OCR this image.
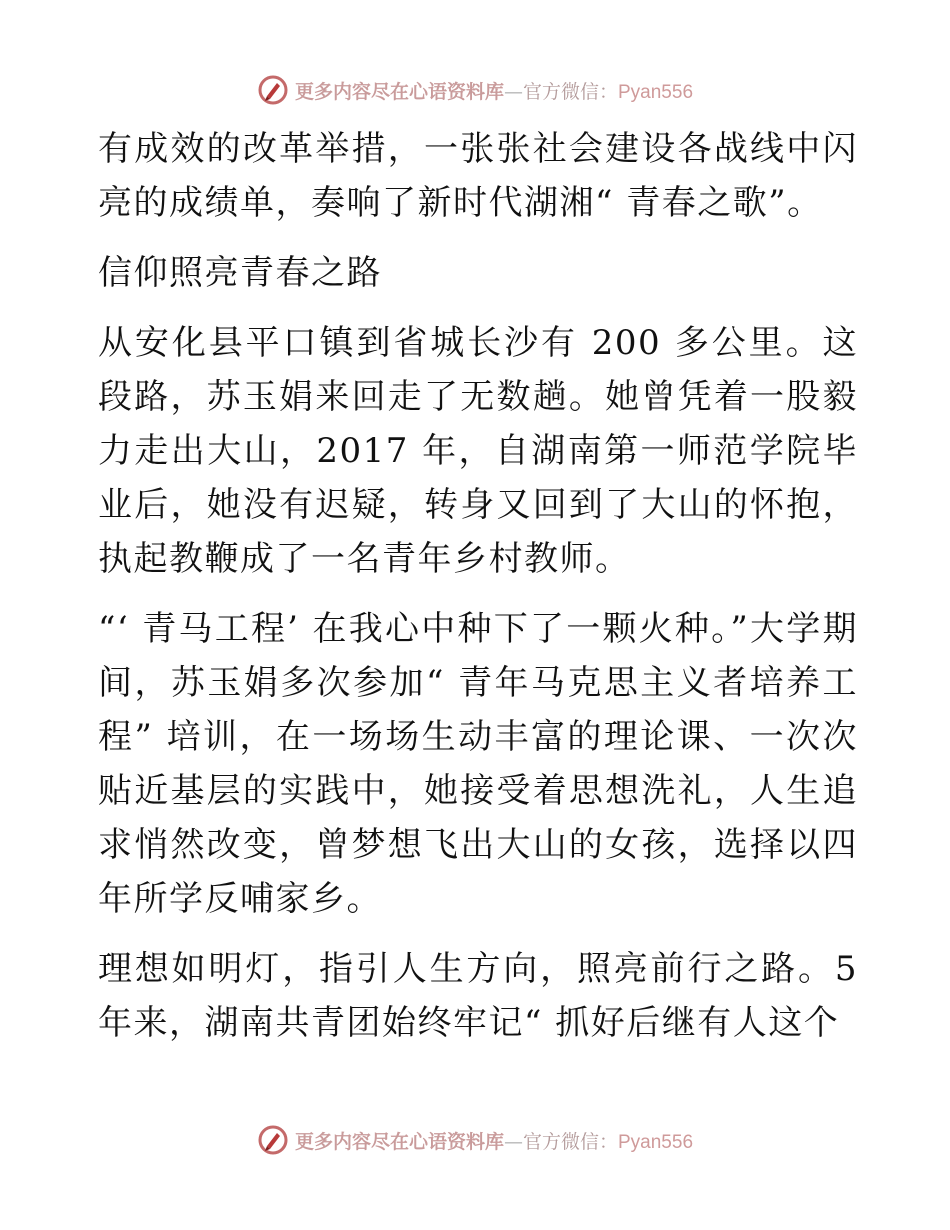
更多内容尽在心语资料库—官方微信：Pyan556

有成效的改革举措，一张张社会建设各战线中闪亮的成绩单，奏响了新时代湖湘“ 青春之歌”。

信仰照亮青春之路

从安化县平口镇到省城长沙有 200 多公里。这段路，苏玉娟来回走了无数趟。她曾凭着一股毅力走出大山，2017 年，自湖南第一师范学院毕业后，她没有迟疑，转身又回到了大山的怀抱，执起教鞭成了一名青年乡村教师。

“‘ 青马工程’ 在我心中种下了一颗火种。”大学期间，苏玉娟多次参加“ 青年马克思主义者培养工程” 培训，在一场场生动丰富的理论课、一次次贴近基层的实践中，她接受着思想洗礼，人生追求悄然改变，曾梦想飞出大山的女孩，选择以四年所学反哺家乡。

理想如明灯，指引人生方向，照亮前行之路。5年来，湖南共青团始终牢记“ 抓好后继有人这个

更多内容尽在心语资料库—官方微信：Pyan556
